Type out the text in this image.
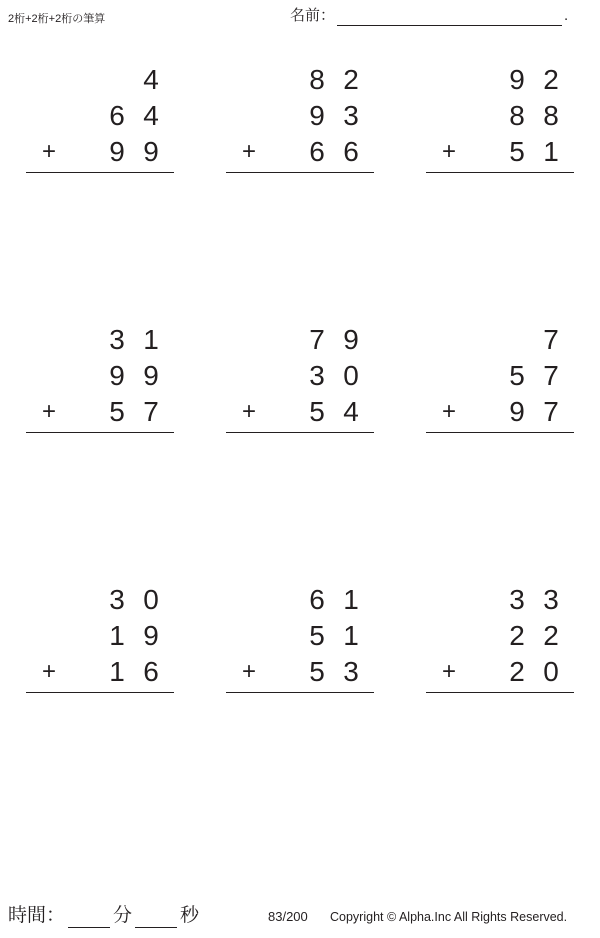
2桁+2桁+2桁の筆算	名前：	.
4
6 4
+	9 9
8 2
9 3
+	6 6
9 2
8 8
+	5 1
3 1
9 9
+	5 7
7 9
3 0
+	5 4
7
5 7
+	9 7
3 0
1 9
+	1 6
6 1
5 1
+	5 3
3 3
2 2
+	2 0
時間：	分	秒	83/200 Copyright © Alpha.Inc All Rights Reserved.
